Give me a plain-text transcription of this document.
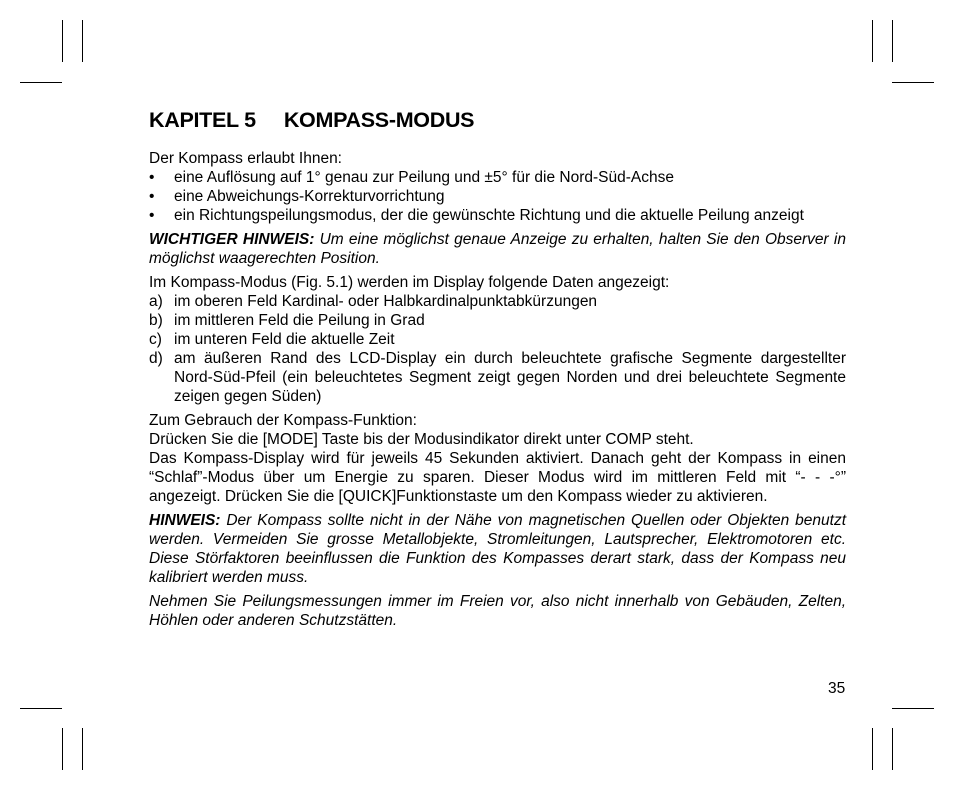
KAPITEL 5 KOMPASS-MODUS

Der Kompass erlaubt Ihnen:

• eine Auflösung auf 1° genau zur Peilung und ±5° für die Nord-Süd-Achse
• eine Abweichungs-Korrekturvorrichtung
• ein Richtungspeilungsmodus, der die gewünschte Richtung und die aktuelle Peilung anzeigt

WICHTIGER HINWEIS: Um eine möglichst genaue Anzeige zu erhalten, halten Sie den Observer in möglichst waagerechten Position.

Im Kompass-Modus (Fig. 5.1) werden im Display folgende Daten angezeigt:

a) im oberen Feld Kardinal- oder Halbkardinalpunktabkürzungen
b) im mittleren Feld die Peilung in Grad
c) im unteren Feld die aktuelle Zeit
d) am äußeren Rand des LCD-Display ein durch beleuchtete grafische Segmente dargestellter Nord-Süd-Pfeil (ein beleuchtetes Segment zeigt gegen Norden und drei beleuchtete Segmente zeigen gegen Süden)

Zum Gebrauch der Kompass-Funktion:

Drücken Sie die [MODE] Taste bis der Modusindikator direkt unter COMP steht.

Das Kompass-Display wird für jeweils 45 Sekunden aktiviert. Danach geht der Kompass in einen “Schlaf”-Modus über um Energie zu sparen. Dieser Modus wird im mittleren Feld mit “- - -°” angezeigt. Drücken Sie die [QUICK]Funktionstaste um den Kompass wieder zu aktivieren.

HINWEIS: Der Kompass sollte nicht in der Nähe von magnetischen Quellen oder Objekten benutzt werden. Vermeiden Sie grosse Metallobjekte, Stromleitungen, Lautsprecher, Elektromotoren etc. Diese Störfaktoren beeinflussen die Funktion des Kompasses derart stark, dass der Kompass neu kalibriert werden muss.

Nehmen Sie Peilungsmessungen immer im Freien vor, also nicht innerhalb von Gebäuden, Zelten, Höhlen oder anderen Schutzstätten.

35
